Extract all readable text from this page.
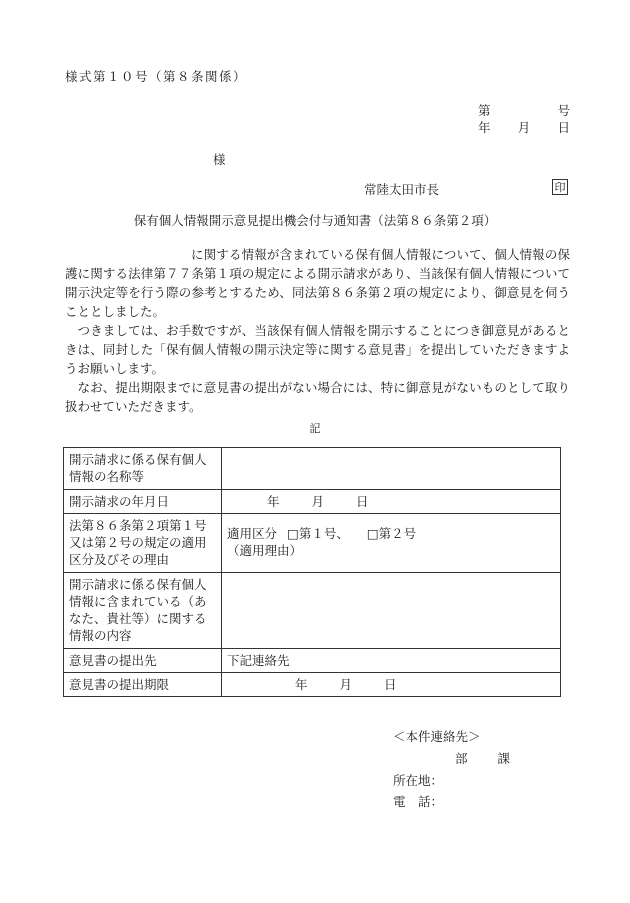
様式第１０号（第８条関係）
第	号
年 月 日
様
常陸太田市長	印
保有個人情報開示意見提出機会付与通知書（法第８６条第２項）

に関する情報が含まれている保有個人情報について、個人情報の保護に関する法律第７７条第１項の規定による開示請求があり、当該保有個人情報について開示決定等を行う際の参考とするため、同法第８６条第２項の規定により、御意見を伺うこととしました。

つきましては、お手数ですが、当該保有個人情報を開示することにつき御意見があるときは、同封した「保有個人情報の開示決定等に関する意見書」を提出していただきますようお願いします。

なお、提出期限までに意見書の提出がない場合には、特に御意見がないものとして取り扱わせていただきます。

記
開示請求に係る保有個人情報の名称等	
開示請求の年月日	年 月 日
法第８６条第２項第１号又は第２号の規定の適用区分及びその理由	適用区分 □第１号、 □第２号
（適用理由）

開示請求に係る保有個人情報に含まれている（あなた、貴社等）に関する情報の内容	
意見書の提出先	下記連絡先
意見書の提出期限	年 月 日
＜本件連絡先＞
部 課
所在地：
電　話：
